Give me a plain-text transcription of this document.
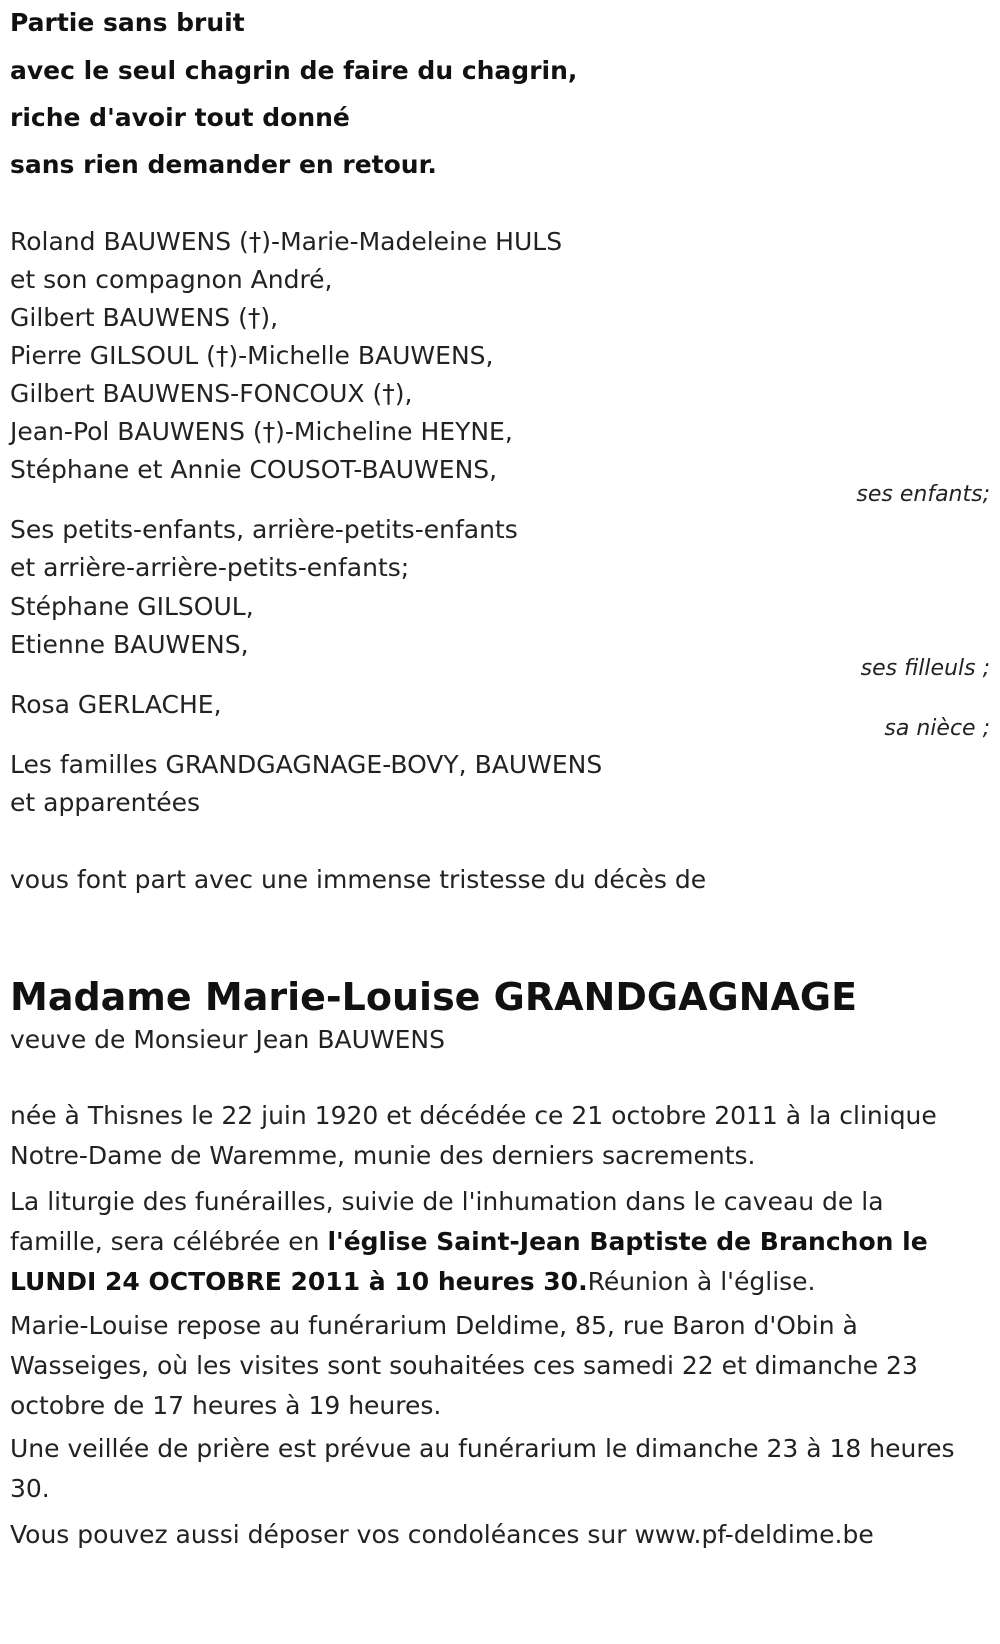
Partie sans bruit

avec le seul chagrin de faire du chagrin,

riche d'avoir tout donné

sans rien demander en retour.

Roland BAUWENS (†)-Marie-Madeleine HULS

et son compagnon André,

Gilbert BAUWENS (†),

Pierre GILSOUL (†)-Michelle BAUWENS,

Gilbert BAUWENS-FONCOUX (†),

Jean-Pol BAUWENS (†)-Micheline HEYNE,

Stéphane et Annie COUSOT-BAUWENS,

ses enfants;

Ses petits-enfants, arrière-petits-enfants

et arrière-arrière-petits-enfants;

Stéphane GILSOUL,

Etienne BAUWENS,

ses filleuls ;

Rosa GERLACHE,

sa nièce ;

Les familles GRANDGAGNAGE-BOVY, BAUWENS

et apparentées

vous font part avec une immense tristesse du décès de

Madame Marie-Louise GRANDGAGNAGE

veuve de Monsieur Jean BAUWENS

née à Thisnes le 22 juin 1920 et décédée ce 21 octobre 2011 à la clinique Notre-Dame de Waremme, munie des derniers sacrements.

La liturgie des funérailles, suivie de l'inhumation dans le caveau de la famille, sera célébrée en l'église Saint-Jean Baptiste de Branchon le LUNDI 24 OCTOBRE 2011 à 10 heures 30.Réunion à l'église.

Marie-Louise repose au funérarium Deldime, 85, rue Baron d'Obin à Wasseiges, où les visites sont souhaitées ces samedi 22 et dimanche 23 octobre de 17 heures à 19 heures.

Une veillée de prière est prévue au funérarium le dimanche 23 à 18 heures 30.

Vous pouvez aussi déposer vos condoléances sur www.pf-deldime.be
